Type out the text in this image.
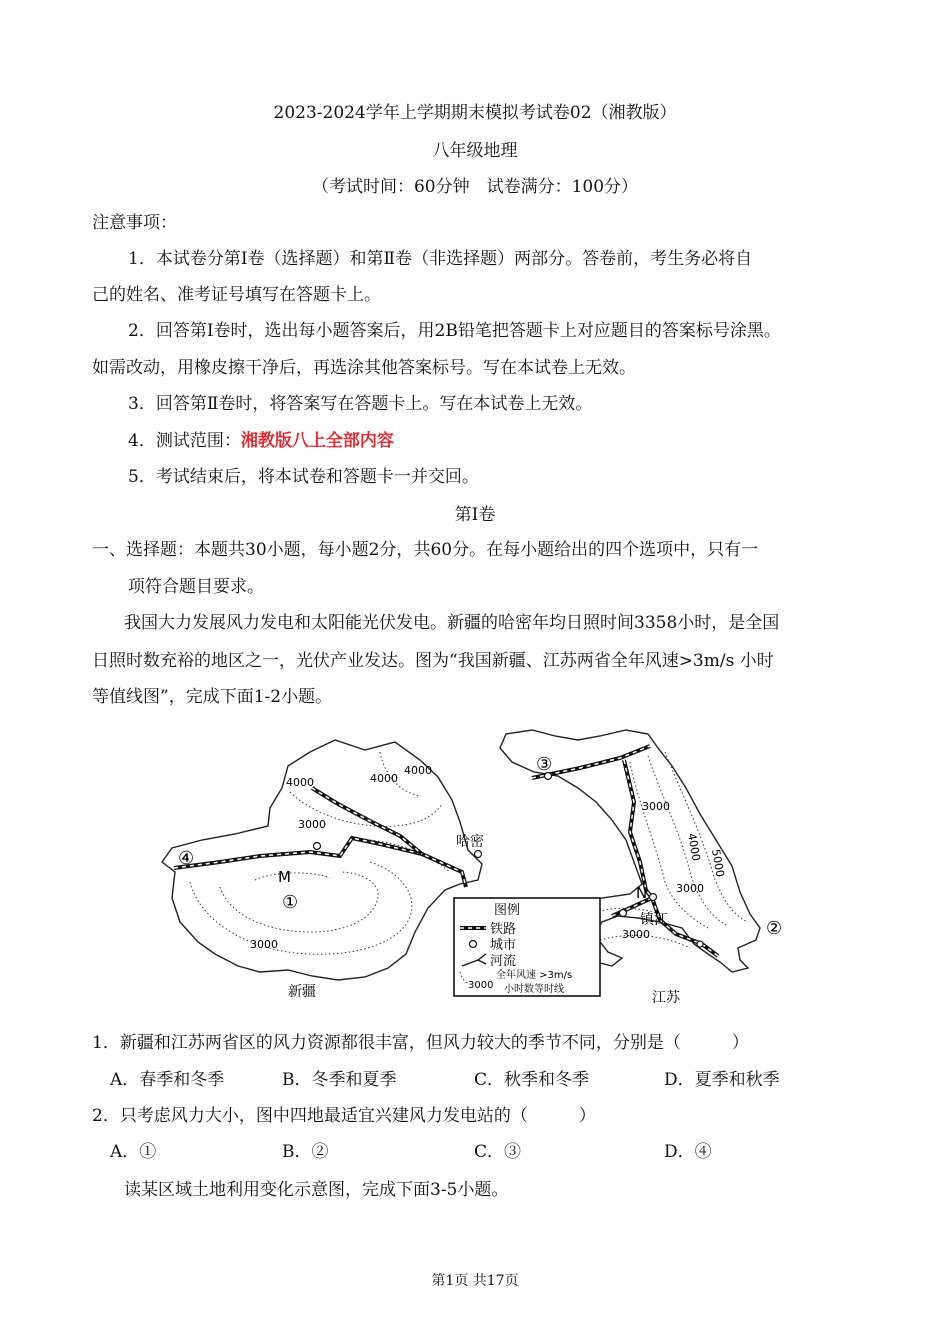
2023-2024学年上学期期末模拟考试卷02（湘教版）
八年级地理
（考试时间：60分钟　试卷满分：100分）
注意事项：
1．本试卷分第Ⅰ卷（选择题）和第Ⅱ卷（非选择题）两部分。答卷前，考生务必将自
己的姓名、准考证号填写在答题卡上。
2．回答第Ⅰ卷时，选出每小题答案后，用2B铅笔把答题卡上对应题目的答案标号涂黑。
如需改动，用橡皮擦干净后，再选涂其他答案标号。写在本试卷上无效。
3．回答第Ⅱ卷时，将答案写在答题卡上。写在本试卷上无效。
4．测试范围：湘教版八上全部内容
5．考试结束后，将本试卷和答题卡一并交回。
第Ⅰ卷
一、选择题：本题共30小题，每小题2分，共60分。在每小题给出的四个选项中，只有一
项符合题目要求。
我国大力发展风力发电和太阳能光伏发电。新疆的哈密年均日照时间3358小时，是全国
日照时数充裕的地区之一，光伏产业发达。图为“我国新疆、江苏两省全年风速>3m/s 小时
等值线图”，完成下面1-2小题。
4000	4000
4000
3000
3000
哈密
M
①
④
新疆
③
3000
4000
5000
3000
3000
N
镇江	②
江苏
图例
铁路
城市
河流
3000
全年风速 >3m/s
小时数等时线
1．新疆和江苏两省区的风力资源都很丰富，但风力较大的季节不同，分别是（　　　）
A．春季和冬季	B．冬季和夏季	C．秋季和冬季	D．夏季和秋季
2．只考虑风力大小，图中四地最适宜兴建风力发电站的（　　　）
A．①	B．②	C．③	D．④
读某区域土地利用变化示意图，完成下面3-5小题。
第1页 共17页
